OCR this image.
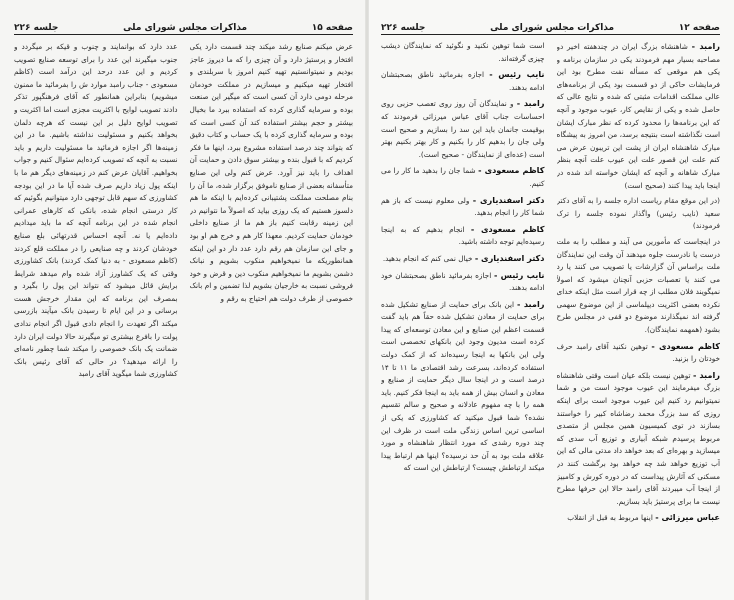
صفحه ۱۵
مذاکرات مجلس شورای ملی
جلسه ۲۲۶

عرض میکنم صنایع رشد میکند چند قسمت دارد یکی افتخار و پرستیژ دارد و آن چیزی را که ما دیروز عاجز بودیم و نمیتوانستیم تهیه کنیم امروز با سربلندی و افتخار تهیه میکنیم و میسازیم در مملکت خودمان مرحله دومی دارد آن کسی است که میگیر این صنعت بوده و سرمایه گذاری کرده که استفاده ببرد ما بخیال بیشتر و حجم بیشتر استفاده کند آن کسی است که بوده و سرمایه گذاری کرده با یک حساب و کتاب دقیق که بتواند چند درصد استفاده مشروع ببرد، اینها ما فکر کردیم که با قبول بنده و بیشتر سوق دادن و حمایت آن اهداف را باید نیز آورد. عرض کنم ولی این صنایع متأسفانه بعضی از صنایع ناموفق برگزار شده، ما آن را بنام مصلحت مملکت پشتیبانی کرده‌ایم با اینکه ما هم دلسوز هستیم که یک روزی بیاید که اصولاً ما نتوانیم در این زمینه رقابت کنیم باز هم ما از صنایع داخلی خودمان حمایت کردیم. معهذا کار هم و خرج هم او بود و جای این سازمان هم رقم دارد عدد دار دو این اینکه همانطوریکه ما نمیخواهیم منکوب بشویم و نبانک دشمن بشویم ما نمیخواهیم منکوب دین و قرض و خود فروشی نسبت به خارجیان بشویم لذا تضمین و ام بانک خصوصی از طرف دولت هم احتیاج به رقم و

عدد دارد که بوانمایند و چنوب و قیکه بر میگردد و جنوب میگیرند این عدد را برای توسعه صنایع تصویب کردیم و این عدد درحد این درآمد است (کاظم مسعودی - جناب رامبد موارد ش را بفرمائید ما ممنون میشویم) بنابراین همانطور که آقای فرهنگپور تذکر دادند تصویب لوایح با اکثریت مجزی است اما اکثریت و تصویب لوایح دلیل بر این نیست که هرچه دلمان بخواهد بکنیم و مسئولیت نداشته باشیم. ما در این زمینه‌ها اگر اجازه فرمائید ما مسئولیت داریم و باید نسبت به آنچه که تصویب کرده‌ایم سئوال کنیم و جواب بخواهیم. آقایان عرض کنم در زمینه‌های دیگر هم ما با اینکه پول زیاد داریم صرف شده آیا ما در این بودجه کشاورزی که سهم قابل توجهی دارد میتوانیم بگوئیم که کار درستی انجام شده، بانکی که کارهای عمرانی انجام شده در این برنامه آنچه که ما باید میدادیم داده‌ایم یا نه. آنچه احساس قدرتهائی بلع صنایع خودشان کردند و چه صنایعی را در مملکت قلع کردند (کاظم مسعودی - به دنیا کمک کردند) بانک کشاورزی وقتی که یک کشاورز آزاد شده وام میدهد شرایط برایش قائل میشود که نتواند این پول را بگیرد و بمصرف این برنامه که این مقدار خرجش هست برسانی و در این ایام تا رسیدن بانک میآیند بازرسی میکند اگر تعهدت را انجام دادی قبول اگر انجام ندادی پولت را بافرع بیشتری تو میگیرند حالا دولت ایران دارد ضمانت یک بانک خصوصی را میکند شما چطور نامه‌ای را ارائه میدهید؟ در حالی که آقای رئیس بانک کشاورزی شما میگوید آقای رامبد

صفحه ۱۲
مذاکرات مجلس شورای ملی
جلسه ۲۲۶

رامبد - شاهنشاه بزرگ ایران در چندهفته اخیر دو مصاحبه بسیار مهم فرمودند یکی در سازمان برنامه و یکی هم موقعی که مسأله نفت مطرح بود این فرمایشات حاکی از دو قسمت بود یکی از برنامه‌های عالی مملکت اقدامات مثبتی که شده و نتایج عالی که حاصل شده و یکی از نقایص کار، عیوب موجود و آنچه که این برنامه‌ها را محدود کرده که نظر مبارک ایشان است نگذاشته است بنتیجه برسد، من امروز به پیشگاه مبارک شاهنشاه ایران از پشت این تریبون عرض می کنم علت این قصور علت این عیوب علت آنچه بنظر مبارک شاهانه و آنچه که ایشان خواسته اند شده در اینجا باید پیدا کنند (صحیح است)

(در این موقع مقام ریاست اداره جلسه را به آقای دکتر سعید (نایب رئیس) واگذار نموده جلسه را ترک فرمودند)

در اینجاست که مأمورین می آیند و مطلب را به ملت درست یا نادرست جلوه میدهند آن وقت این نمایندگان ملت براساس آن گزارشات یا تصویب می کنند یا رد می کنند یا تعصبات حزبی آنچنان میشود که اصولاً نمیگویند فلان مطلب از چه قرار است مثل اینکه خدای نکرده بعضی اکثریت دیپلماسی از این موضوع سهمی گرفته اند نمیگذارند موضوع دو قفی در مجلس طرح بشود (همهمه نمایندگان).

کاظم مسعودی - توهین نکنید آقای رامبد حرف خودتان را بزنید.

رامبد - توهین نیست بلکه عیان است وقتی شاهنشاه بزرگ میفرمایند این عیوب موجود است من و شما نمیتوانیم رد کنیم این عیوب موجود است برای اینکه روزی که سد بزرگ محمد رضاشاه کبیر را خواستند بسازند در توی کمیسیون همین مجلس از متصدی مربوط پرسیدم شبکه آبیاری و توزیع آب سدی که میسازید و بهره‌ای که بعد خواهد داد مدتی مالی که این آب توزیع خواهد شد چه خواهد بود برگشت کنند در مسکنی که آثارش پیداست که در دوره کورش و کامبیز از اینجا آب میبردند آقای رامبد حالا این حرفها مطرح نیست ما برای پرستیژ باید بسازیم.

عباس میرزائی - اینها مربوط به قبل از انقلاب

است شما توهین نکنید و نگوئید که نمایندگان دیشب چیزی گرفته‌اند.

نایب رئیس - اجازه بفرمائید ناطق بصحبتشان ادامه بدهند.

رامبد - و نمایندگان آن روز روی تعصب حزبی روی احساسات جناب آقای عباس میرزائی فرمودند که بوقیمت جانمان باید این سد را بسازیم و صحیح است ولی جان را بدهیم کار را بکنیم و کار بهتر بکنیم بهتر است (عده‌ای از نمایندگان - صحیح است).

کاظم مسعودی - شما جان را بدهید ما کار را می کنیم.

دکتر اسفندیاری - ولی معلوم نیست که باز هم شما کار را انجام بدهید.

کاظم مسعودی - انجام بدهیم که به اینجا رسیده‌ایم توجه داشته باشید.

دکتر اسفندیاری - خیال نمی کنم که انجام بدهید.

نایب رئیس - اجازه بفرمائید ناطق بصحبتشان خود ادامه بدهند.

رامبد - این بانک برای حمایت از صنایع تشکیل شده برای حمایت از معادن تشکیل شده حقاً هم باید گفت قسمت اعظم این صنایع و این معادن توسعه‌ای که پیدا کرده است مدیون وجود این بانکهای تخصصی است ولی این بانکها به اینجا رسیده‌اند که از کمک دولت استفاده کرده‌اند، بسرعت رشد اقتصادی ما ۱۱ تا ۱۴ درصد است و در اینجا سال دیگر حمایت از صنایع و معادن و انسان بیش از همه باید به اینجا فکر کنیم. باید همه را با چه مفهوم عادلانه و صحیح و سالم تقسیم نشده؟ شما قبول میکنید که کشاورزی که یکی از اساسی ترین اساس زندگی ملت است در ظرف این چند دوره رشدی که مورد انتظار شاهنشاه و مورد علاقه ملت بود به آن حد نرسیده؟ اینها هم ارتباط پیدا میکند ارتباطش چیست؟ ارتباطش این است که
